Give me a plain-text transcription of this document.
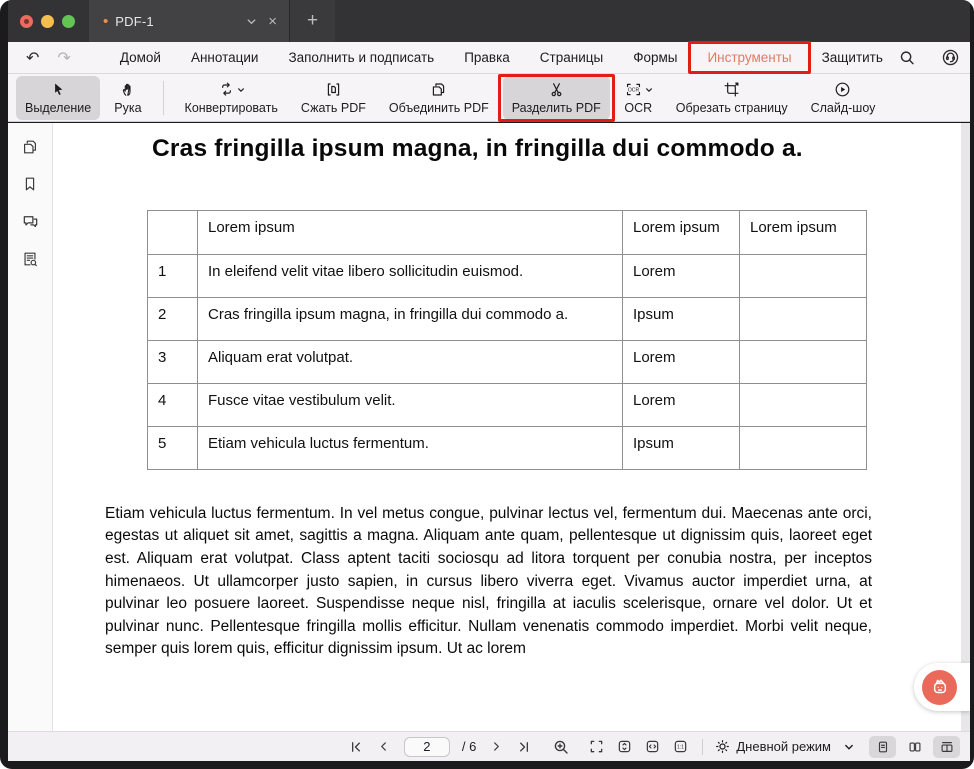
• PDF-1	× +
↶ ↷	Домой	Аннотации	Заполнить и подписать	Правка	Страницы	Формы	Инструменты	Защитить
Выделение Рука	Конвертировать Сжать PDF Объединить PDF Разделить PDF
OCR
OCR Обрезать страницу Слайд-шоу
Cras fringilla ipsum magna, in fringilla dui commodo a.
	Lorem ipsum	Lorem ipsum	Lorem ipsum
1	In eleifend velit vitae libero sollicitudin euismod.	Lorem	
2	Cras fringilla ipsum magna, in fringilla dui commodo a.	Ipsum	
3	Aliquam erat volutpat.	Lorem	
4	Fusce vitae vestibulum velit.	Lorem	
5	Etiam vehicula luctus fermentum.	Ipsum	
Etiam vehicula luctus fermentum. In vel metus congue, pulvinar lectus vel, fermentum dui. Maecenas ante orci, egestas ut aliquet sit amet, sagittis a magna. Aliquam ante quam, pellentesque ut dignissim quis, laoreet eget est. Aliquam erat volutpat. Class aptent taciti sociosqu ad litora torquent per conubia nostra, per inceptos himenaeos. Ut ullamcorper justo sapien, in cursus libero viverra eget. Vivamus auctor imperdiet urna, at pulvinar leo posuere laoreet. Suspendisse neque nisl, fringilla at iaculis scelerisque, ornare vel dolor. Ut et pulvinar nunc. Pellentesque fringilla mollis efficitur. Nullam venenatis commodo imperdiet. Morbi velit neque, semper quis lorem quis, efficitur dignissim ipsum. Ut ac lorem
2
/ 6	1:1	Дневной режим
